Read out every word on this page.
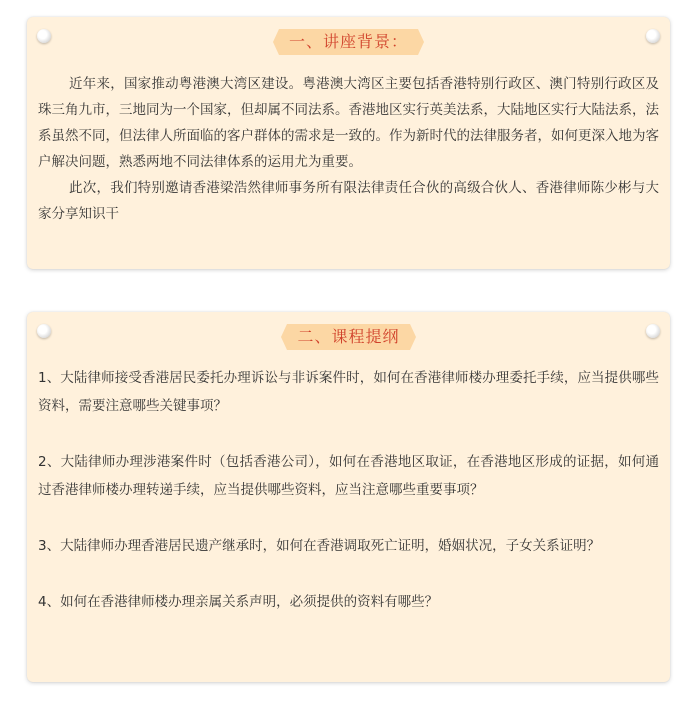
一、讲座背景：

近年来，国家推动粤港澳大湾区建设。粤港澳大湾区主要包括香港特别行政区、澳门特别行政区及珠三角九市，三地同为一个国家，但却属不同法系。香港地区实行英美法系，大陆地区实行大陆法系，法系虽然不同，但法律人所面临的客户群体的需求是一致的。作为新时代的法律服务者，如何更深入地为客户解决问题，熟悉两地不同法律体系的运用尤为重要。

此次，我们特别邀请香港梁浩然律师事务所有限法律责任合伙的高级合伙人、香港律师陈少彬与大家分享知识干

二、课程提纲

1、大陆律师接受香港居民委托办理诉讼与非诉案件时，如何在香港律师楼办理委托手续，应当提供哪些资料，需要注意哪些关键事项？

2、大陆律师办理涉港案件时（包括香港公司），如何在香港地区取证，在香港地区形成的证据，如何通过香港律师楼办理转递手续，应当提供哪些资料，应当注意哪些重要事项？

3、大陆律师办理香港居民遗产继承时，如何在香港调取死亡证明，婚姻状况，子女关系证明？

4、如何在香港律师楼办理亲属关系声明，必须提供的资料有哪些？
